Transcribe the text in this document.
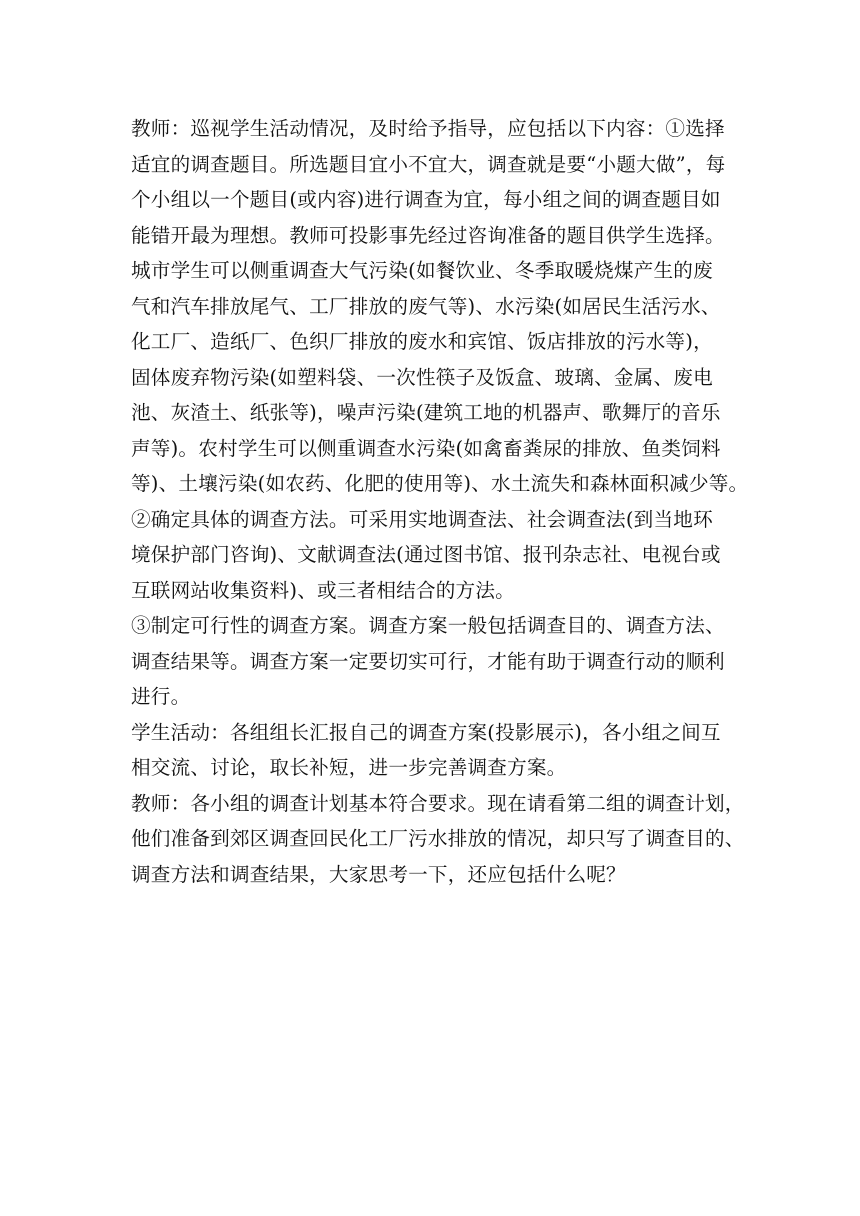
教师：巡视学生活动情况，及时给予指导，应包括以下内容：①选择
适宜的调查题目。所选题目宜小不宜大，调查就是要“小题大做”，每
个小组以一个题目(或内容)进行调查为宜，每小组之间的调查题目如
能错开最为理想。教师可投影事先经过咨询准备的题目供学生选择。
城市学生可以侧重调查大气污染(如餐饮业、冬季取暖烧煤产生的废
气和汽车排放尾气、工厂排放的废气等)、水污染(如居民生活污水、
化工厂、造纸厂、色织厂排放的废水和宾馆、饭店排放的污水等)，
固体废弃物污染(如塑料袋、一次性筷子及饭盒、玻璃、金属、废电
池、灰渣土、纸张等)，噪声污染(建筑工地的机器声、歌舞厅的音乐
声等)。农村学生可以侧重调查水污染(如禽畜粪尿的排放、鱼类饲料
等)、土壤污染(如农药、化肥的使用等)、水土流失和森林面积减少等。
②确定具体的调查方法。可采用实地调查法、社会调查法(到当地环
境保护部门咨询)、文献调查法(通过图书馆、报刊杂志社、电视台或
互联网站收集资料)、或三者相结合的方法。
③制定可行性的调查方案。调查方案一般包括调查目的、调查方法、
调查结果等。调查方案一定要切实可行，才能有助于调查行动的顺利
进行。
学生活动：各组组长汇报自己的调查方案(投影展示)，各小组之间互
相交流、讨论，取长补短，进一步完善调查方案。
教师：各小组的调查计划基本符合要求。现在请看第二组的调查计划，
他们准备到郊区调查回民化工厂污水排放的情况，却只写了调查目的、
调查方法和调查结果，大家思考一下，还应包括什么呢？
